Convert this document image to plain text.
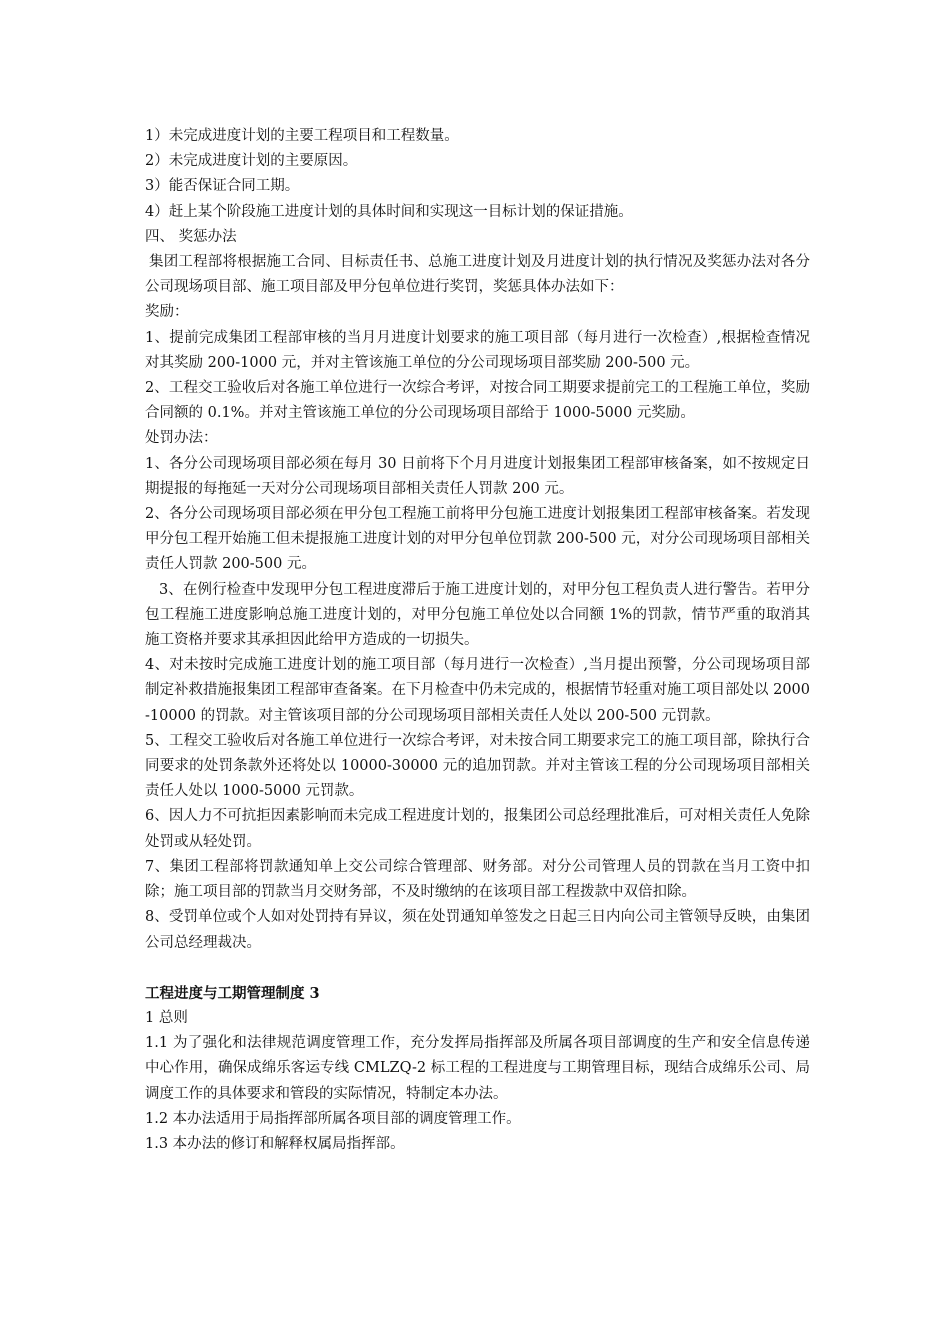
1）未完成进度计划的主要工程项目和工程数量。

2）未完成进度计划的主要原因。

3）能否保证合同工期。

4）赶上某个阶段施工进度计划的具体时间和实现这一目标计划的保证措施。

四、 奖惩办法

集团工程部将根据施工合同、目标责任书、总施工进度计划及月进度计划的执行情况及奖惩办法对各分公司现场项目部、施工项目部及甲分包单位进行奖罚，奖惩具体办法如下：

奖励：

1、提前完成集团工程部审核的当月月进度计划要求的施工项目部（每月进行一次检查）,根据检查情况对其奖励 200-1000 元，并对主管该施工单位的分公司现场项目部奖励 200-500 元。

2、工程交工验收后对各施工单位进行一次综合考评，对按合同工期要求提前完工的工程施工单位，奖励合同额的 0.1%。并对主管该施工单位的分公司现场项目部给于 1000-5000 元奖励。

处罚办法：

1、各分公司现场项目部必须在每月 30 日前将下个月月进度计划报集团工程部审核备案，如不按规定日期提报的每拖延一天对分公司现场项目部相关责任人罚款 200 元。

2、各分公司现场项目部必须在甲分包工程施工前将甲分包施工进度计划报集团工程部审核备案。若发现甲分包工程开始施工但未提报施工进度计划的对甲分包单位罚款 200-500 元，对分公司现场项目部相关责任人罚款 200-500 元。

3、在例行检查中发现甲分包工程进度滞后于施工进度计划的，对甲分包工程负责人进行警告。若甲分包工程施工进度影响总施工进度计划的，对甲分包施工单位处以合同额 1%的罚款，情节严重的取消其施工资格并要求其承担因此给甲方造成的一切损失。

4、对未按时完成施工进度计划的施工项目部（每月进行一次检查）,当月提出预警，分公司现场项目部制定补救措施报集团工程部审查备案。在下月检查中仍未完成的，根据情节轻重对施工项目部处以 2000-10000 的罚款。对主管该项目部的分公司现场项目部相关责任人处以 200-500 元罚款。

5、工程交工验收后对各施工单位进行一次综合考评，对未按合同工期要求完工的施工项目部，除执行合同要求的处罚条款外还将处以 10000-30000 元的追加罚款。并对主管该工程的分公司现场项目部相关责任人处以 1000-5000 元罚款。

6、因人力不可抗拒因素影响而未完成工程进度计划的，报集团公司总经理批准后，可对相关责任人免除处罚或从轻处罚。

7、集团工程部将罚款通知单上交公司综合管理部、财务部。对分公司管理人员的罚款在当月工资中扣除；施工项目部的罚款当月交财务部，不及时缴纳的在该项目部工程拨款中双倍扣除。

8、受罚单位或个人如对处罚持有异议，须在处罚通知单签发之日起三日内向公司主管领导反映，由集团公司总经理裁决。

工程进度与工期管理制度 3

1 总则

1.1 为了强化和法律规范调度管理工作，充分发挥局指挥部及所属各项目部调度的生产和安全信息传递中心作用，确保成绵乐客运专线 CMLZQ-2 标工程的工程进度与工期管理目标，现结合成绵乐公司、局调度工作的具体要求和管段的实际情况，特制定本办法。

1.2 本办法适用于局指挥部所属各项目部的调度管理工作。

1.3 本办法的修订和解释权属局指挥部。
